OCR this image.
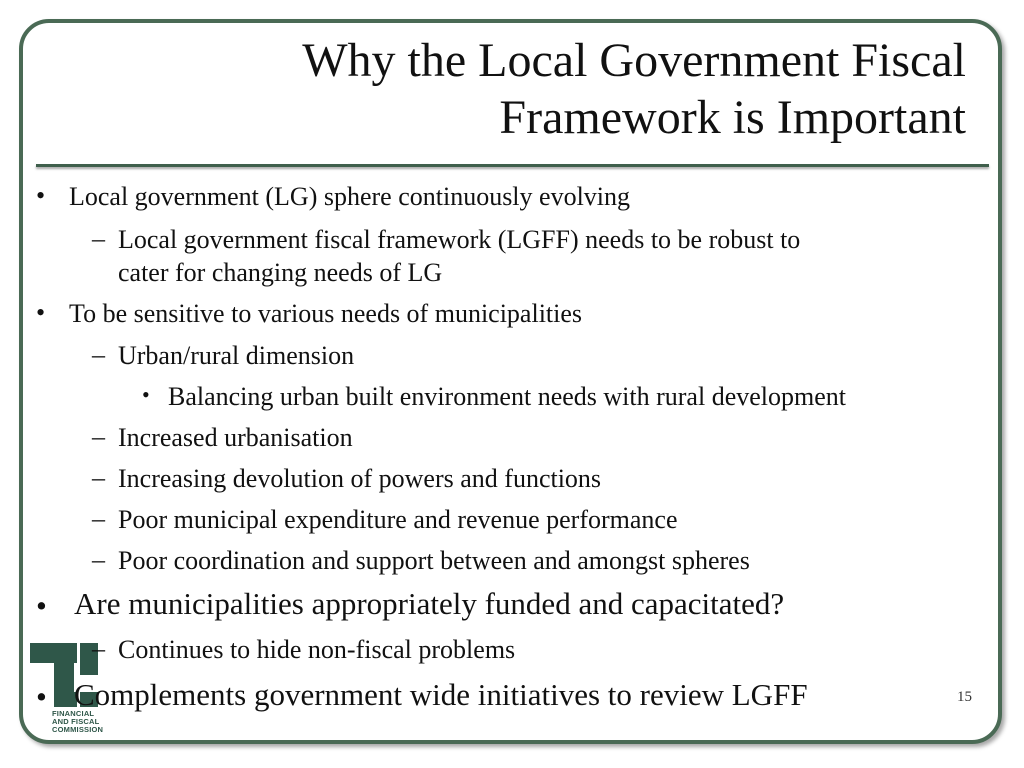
Why the Local Government Fiscal
Framework is Important
• Local government (LG) sphere continuously evolving
– Local government fiscal framework (LGFF) needs to be robust to
cater for changing needs of LG
• To be sensitive to various needs of municipalities
– Urban/rural dimension
• Balancing urban built environment needs with rural development
– Increased urbanisation
– Increasing devolution of powers and functions
– Poor municipal expenditure and revenue performance
– Poor coordination and support between and amongst spheres
• Are municipalities appropriately funded and capacitated?
– Continues to hide non-fiscal problems
• Complements government wide initiatives to review LGFF
FINANCIAL
AND FISCAL
COMMISSION
15
